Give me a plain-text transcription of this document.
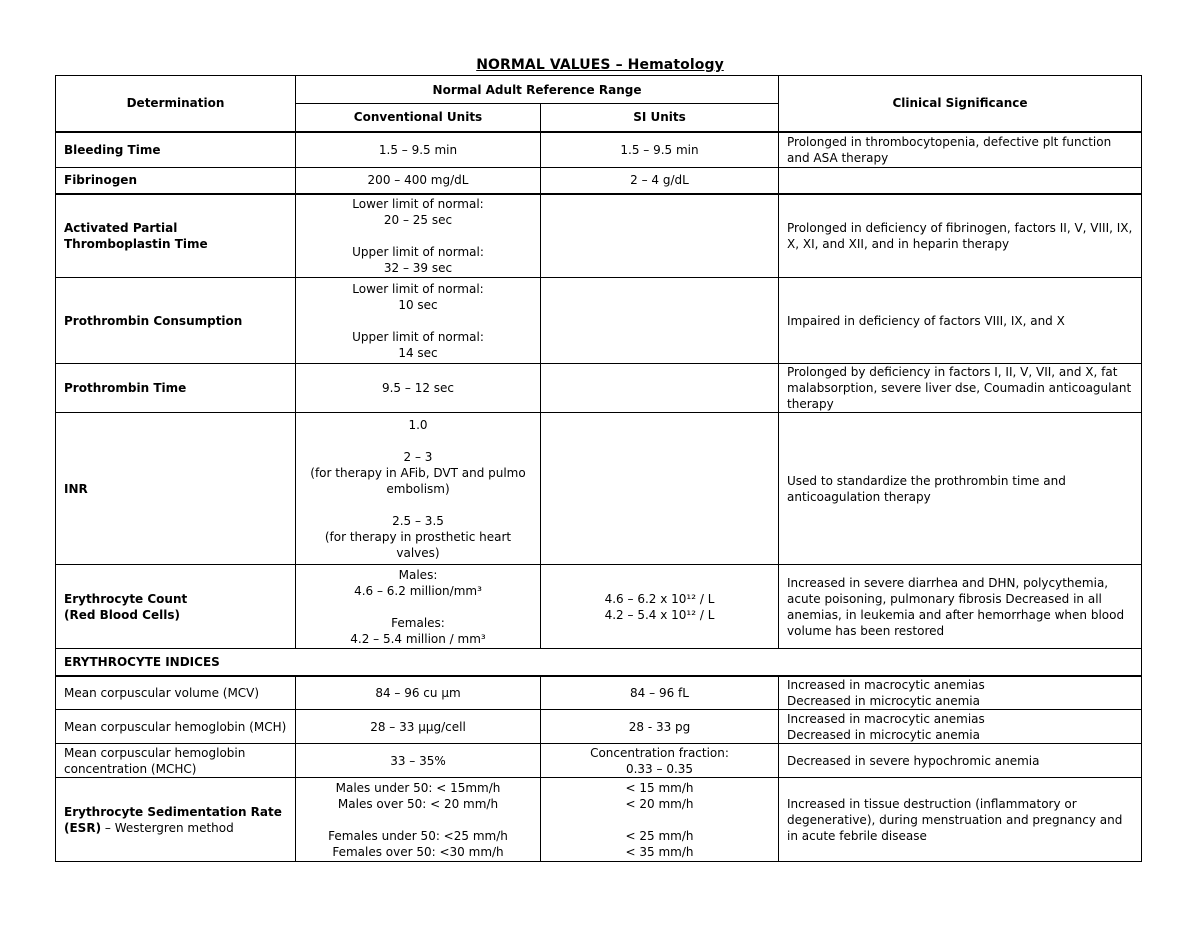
NORMAL VALUES – Hematology
Determination	Normal Adult Reference Range		Clinical Significance
	Conventional Units	SI Units	
Bleeding Time	1.5 – 9.5 min	1.5 – 9.5 min	Prolonged in thrombocytopenia, defective plt function and ASA therapy
Fibrinogen	200 – 400 mg/dL	2 – 4 g/dL	
Activated Partial Thromboplastin Time	Lower limit of normal:
20 – 25 sec
Upper limit of normal:
32 – 39 sec		Prolonged in deficiency of fibrinogen, factors II, V, VIII, IX, X, XI, and XII, and in heparin therapy
Prothrombin Consumption	Lower limit of normal:
10 sec
Upper limit of normal:
14 sec		Impaired in deficiency of factors VIII, IX, and X
Prothrombin Time	9.5 – 12 sec		Prolonged by deficiency in factors I, II, V, VII, and X, fat malabsorption, severe liver dse, Coumadin anticoagulant therapy
INR	1.0
2 – 3
(for therapy in AFib, DVT and pulmo embolism)
2.5 – 3.5
(for therapy in prosthetic heart valves)		Used to standardize the prothrombin time and anticoagulation therapy

Erythrocyte Count
(Red Blood Cells)	Males:
4.6 – 6.2 million/mm³
Females:
4.2 – 5.4 million / mm³	4.6 – 6.2 x 10¹² / L
4.2 – 5.4 x 10¹² / L	Increased in severe diarrhea and DHN, polycythemia, acute poisoning, pulmonary fibrosis Decreased in all anemias, in leukemia and after hemorrhage when blood volume has been restored
ERYTHROCYTE INDICES			
Mean corpuscular volume (MCV)	84 – 96 cu µm	84 – 96 fL	Increased in macrocytic anemias
Decreased in microcytic anemia

Mean corpuscular hemoglobin (MCH)	28 – 33 µµg/cell	28 - 33 pg	Increased in macrocytic anemias
Decreased in microcytic anemia

Mean corpuscular hemoglobin concentration (MCHC)	33 – 35%	Concentration fraction:
0.33 – 0.35	Decreased in severe hypochromic anemia

Erythrocyte Sedimentation Rate
(ESR) – Westergren method	Males under 50: < 15mm/h
Males over 50: < 20 mm/h
Females under 50: <25 mm/h
Females over 50: <30 mm/h	< 15 mm/h
< 20 mm/h
< 25 mm/h
< 35 mm/h	Increased in tissue destruction (inflammatory or degenerative), during menstruation and pregnancy and in acute febrile disease
